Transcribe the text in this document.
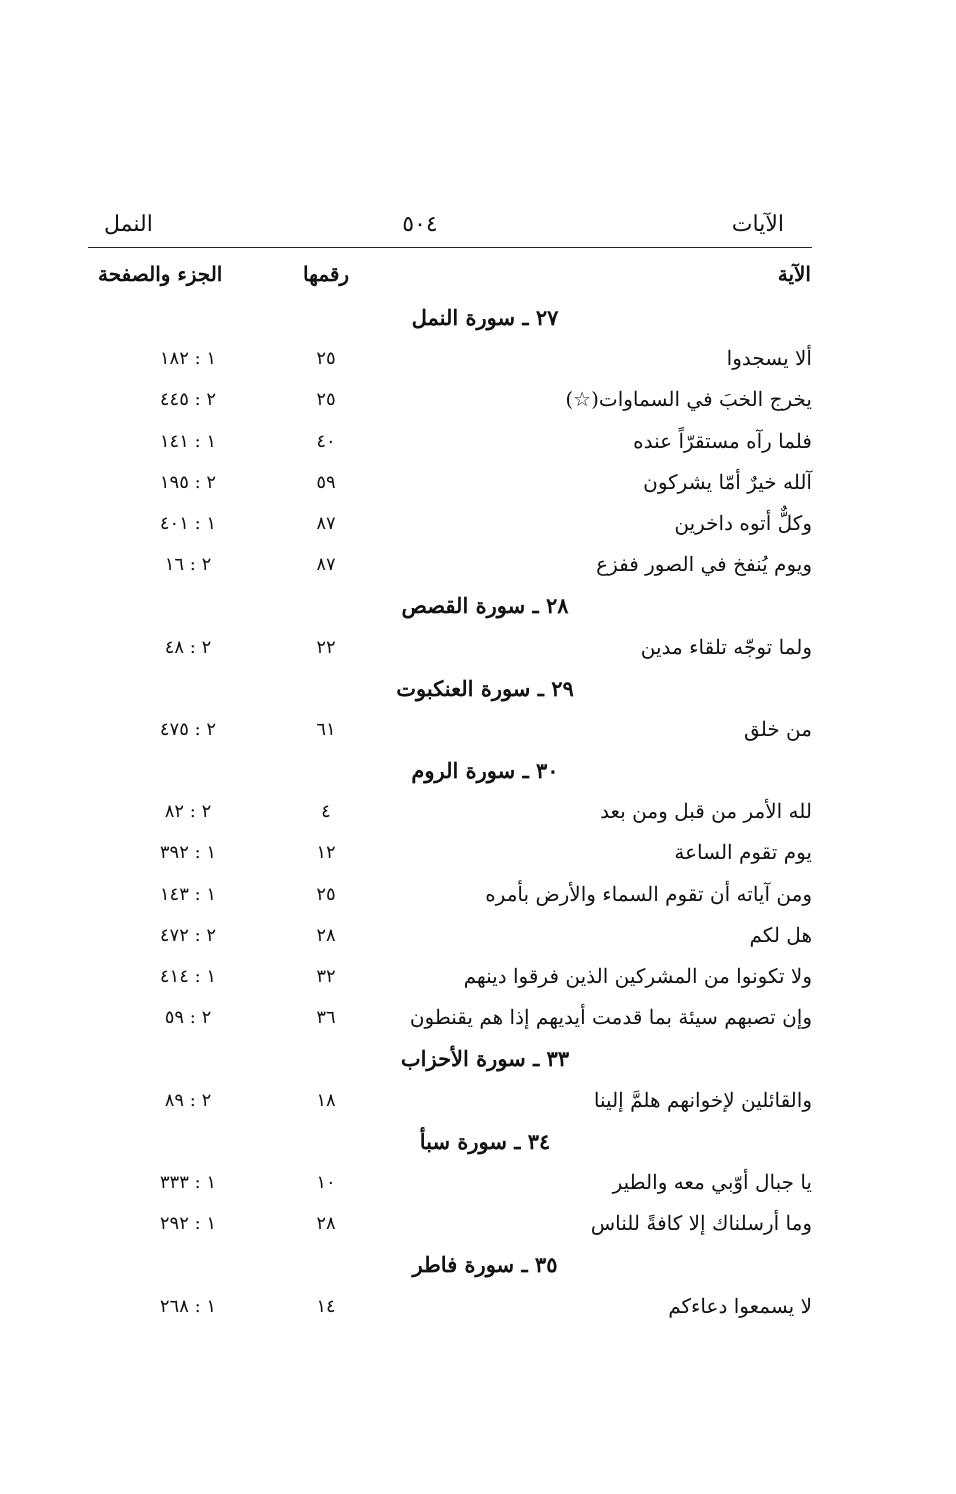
الآيات
٥٠٤
النمل
الآية
رقمها
الجزء والصفحة
٢٧ ـ سورة النمل
ألا يسجدوا
٢٥
١ : ١٨٢
يخرج الخبَ في السماوات(☆)
٢٥
٢ : ٤٤٥
فلما رآه مستقرّاً عنده
٤٠
١ : ١٤١
آلله خيرٌ أمّا يشركون
٥٩
٢ : ١٩٥
وكلٌّ أتوه داخرين
٨٧
١ : ٤٠١
ويوم يُنفخ في الصور ففزع
٨٧
٢ : ١٦
٢٨ ـ سورة القصص
ولما توجّه تلقاء مدين
٢٢
٢ : ٤٨
٢٩ ـ سورة العنكبوت
من خلق
٦١
٢ : ٤٧٥
٣٠ ـ سورة الروم
لله الأمر من قبل ومن بعد
٤
٢ : ٨٢
يوم تقوم الساعة
١٢
١ : ٣٩٢
ومن آياته أن تقوم السماء والأرض بأمره
٢٥
١ : ١٤٣
هل لكم
٢٨
٢ : ٤٧٢
ولا تكونوا من المشركين الذين فرقوا دينهم
٣٢
١ : ٤١٤
وإن تصبهم سيئة بما قدمت أيديهم إذا هم يقنطون
٣٦
٢ : ٥٩
٣٣ ـ سورة الأحزاب
والقائلين لإخوانهم هلمَّ إلينا
١٨
٢ : ٨٩
٣٤ ـ سورة سبأ
يا جبال أوّبي معه والطير
١٠
١ : ٣٣٣
وما أرسلناك إلا كافةً للناس
٢٨
١ : ٢٩٢
٣٥ ـ سورة فاطر
لا يسمعوا دعاءكم
١٤
١ : ٢٦٨
